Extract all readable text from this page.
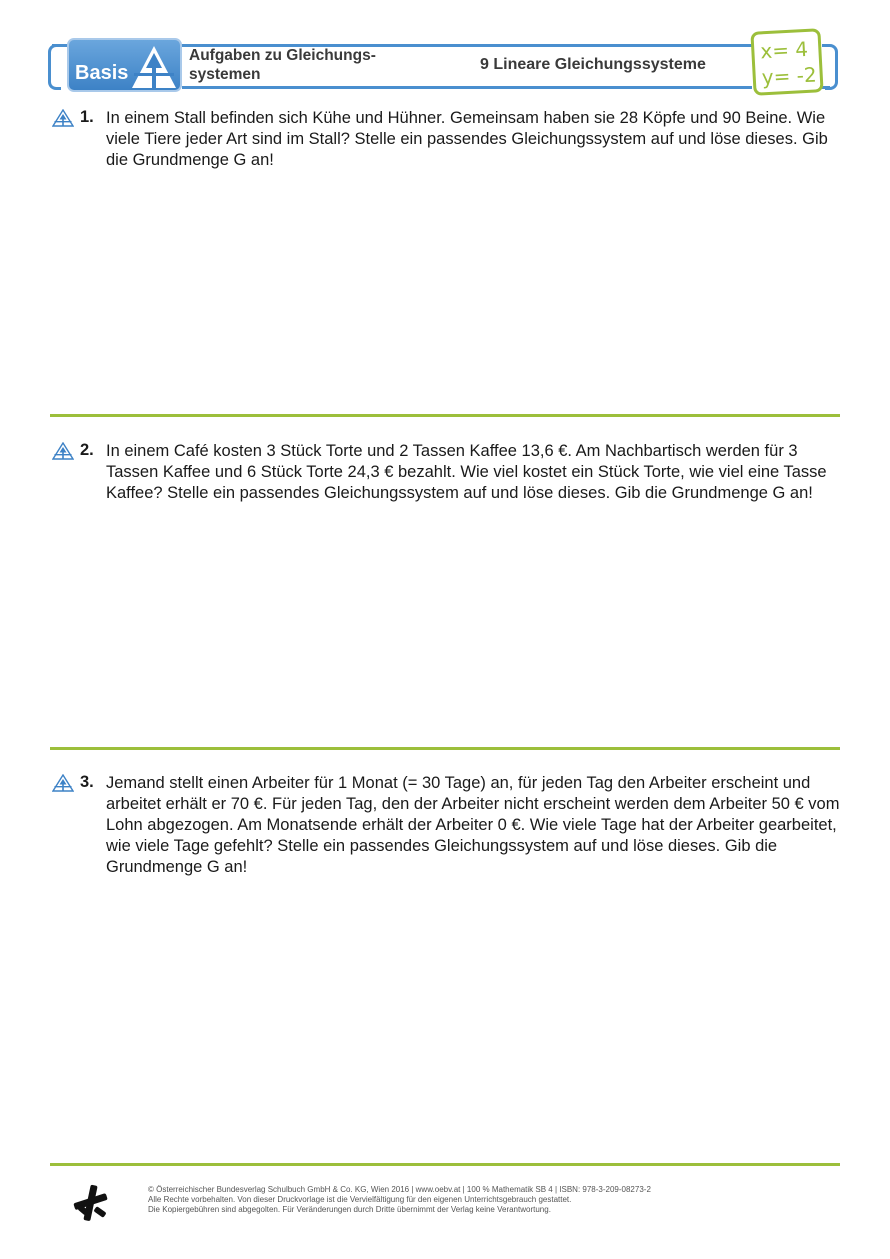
Basis
Aufgaben zu Gleichungs-
systemen
9 Lineare Gleichungssysteme
x= 4
y= -2
1. In einem Stall befinden sich Kühe und Hühner. Gemeinsam haben sie 28 Köpfe und 90 Beine. Wie viele Tiere jeder Art sind im Stall? Stelle ein passendes Gleichungssystem auf und löse dieses. Gib die Grundmenge G an!

2. In einem Café kosten 3 Stück Torte und 2 Tassen Kaffee 13,6 €. Am Nachbartisch werden für 3 Tassen Kaffee und 6 Stück Torte 24,3 € bezahlt. Wie viel kostet ein Stück Torte, wie viel eine Tasse Kaffee? Stelle ein passendes Gleichungssystem auf und löse dieses. Gib die Grundmenge G an!

3. Jemand stellt einen Arbeiter für 1 Monat (= 30 Tage) an, für jeden Tag den Arbeiter erscheint und arbeitet erhält er 70 €. Für jeden Tag, den der Arbeiter nicht erscheint werden dem Arbeiter 50 € vom Lohn abgezogen. Am Monatsende erhält der Arbeiter 0 €. Wie viele Tage hat der Arbeiter gearbeitet, wie viele Tage gefehlt? Stelle ein passendes Gleichungssystem auf und löse dieses. Gib die Grundmenge G an!

© Österreichischer Bundesverlag Schulbuch GmbH & Co. KG, Wien 2016 | www.oebv.at | 100 % Mathematik SB 4 | ISBN: 978-3-209-08273-2
Alle Rechte vorbehalten. Von dieser Druckvorlage ist die Vervielfältigung für den eigenen Unterrichtsgebrauch gestattet.
Die Kopiergebühren sind abgegolten. Für Veränderungen durch Dritte übernimmt der Verlag keine Verantwortung.
